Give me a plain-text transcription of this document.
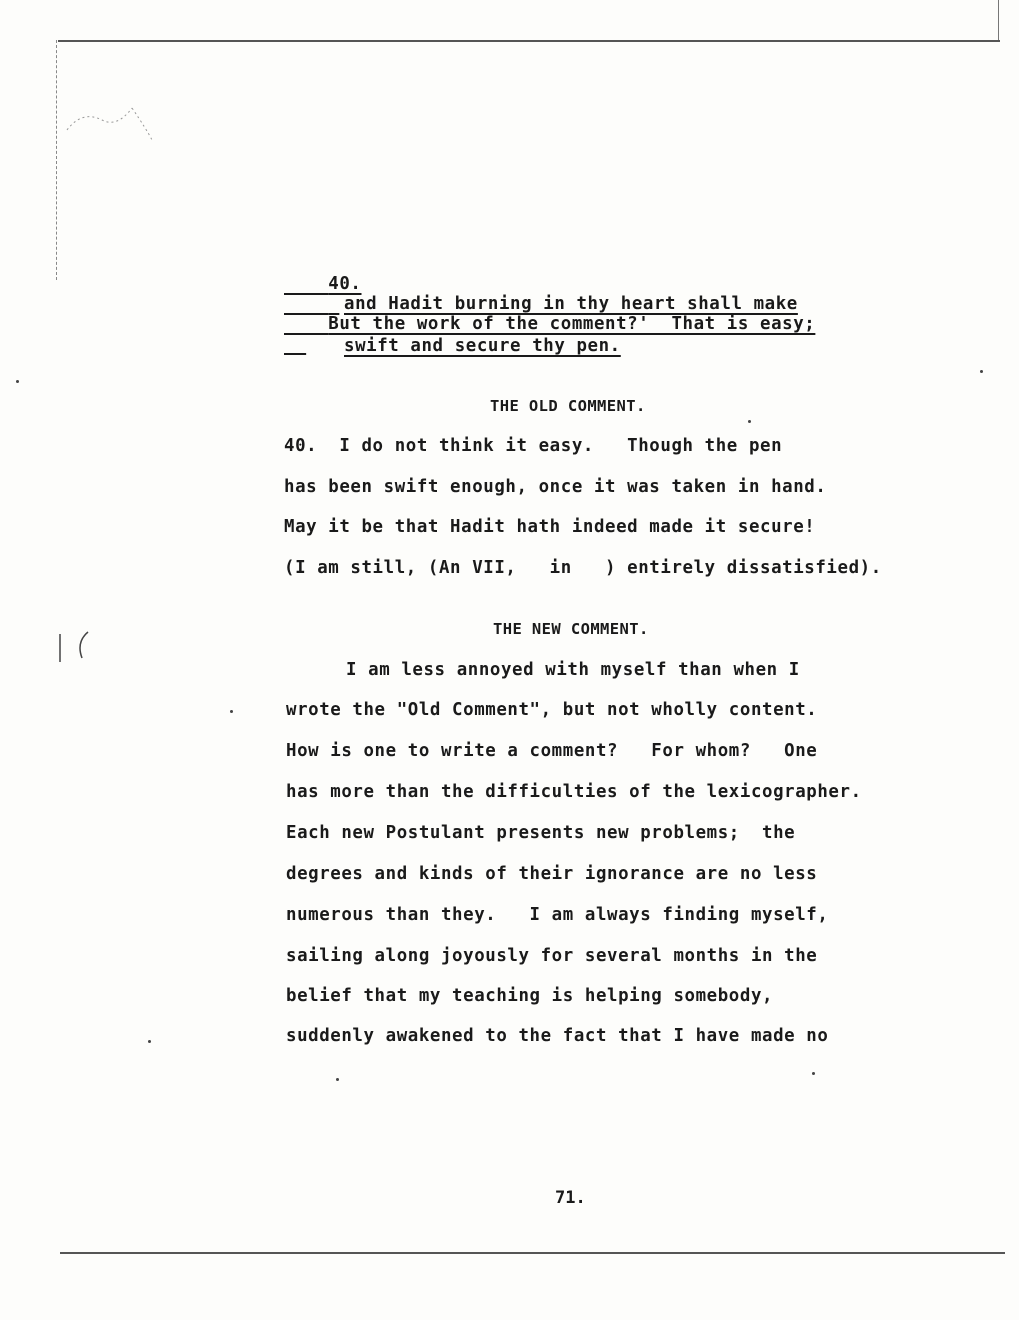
40.

But the work of the comment?'  That is easy;

and Hadit burning in thy heart shall make
swift and secure thy pen.
THE OLD COMMENT.
40.  I do not think it easy.   Though the pen
has been swift enough, once it was taken in hand.
May it be that Hadit hath indeed made it secure!
(I am still, (An VII,   in   ) entirely dissatisfied).
THE NEW COMMENT.
I am less annoyed with myself than when I
wrote the "Old Comment", but not wholly content.
How is one to write a comment?   For whom?   One
has more than the difficulties of the lexicographer.
Each new Postulant presents new problems;  the
degrees and kinds of their ignorance are no less
numerous than they.   I am always finding myself,
sailing along joyously for several months in the
belief that my teaching is helping somebody,
suddenly awakened to the fact that I have made no
71.
